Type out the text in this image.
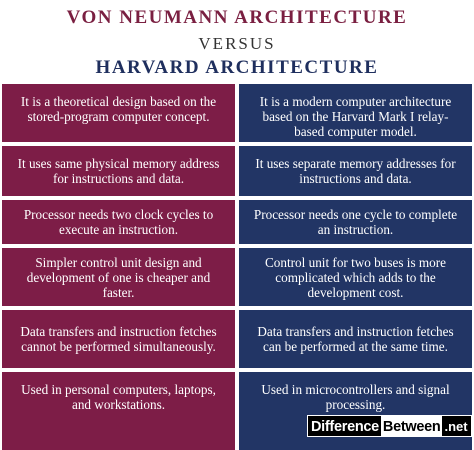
VON NEUMANN ARCHITECTURE
VERSUS
HARVARD ARCHITECTURE
It is a theoretical design based on the stored-program computer concept.
It uses same physical memory address for instructions and data.
Processor needs two clock cycles to execute an instruction.
Simpler control unit design and development of one is cheaper and faster.
Data transfers and instruction fetches cannot be performed simultaneously.
Used in personal computers, laptops, and workstations.
It is a modern computer architecture based on the Harvard Mark I relay-based computer model.
It uses separate memory addresses for instructions and data.
Processor needs one cycle to complete an instruction.
Control unit for two buses is more complicated which adds to the development cost.
Data transfers and instruction fetches can be performed at the same time.
Used in microcontrollers and signal processing.
Difference Between .net
